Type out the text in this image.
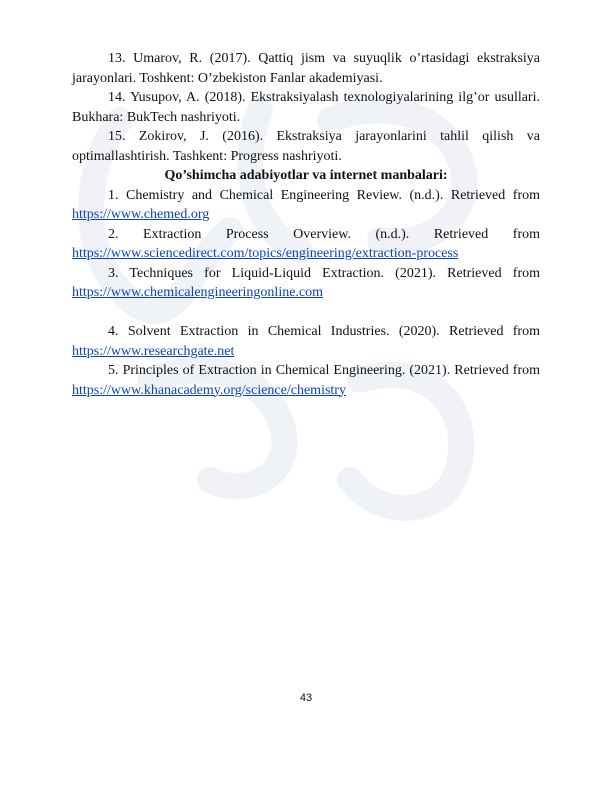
13. Umarov, R. (2017). Qattiq jism va suyuqlik o’rtasidagi ekstraksiya
jarayonlari. Toshkent: O’zbekiston Fanlar akademiyasi.
14. Yusupov, A. (2018). Ekstraksiyalash texnologiyalarining ilg’or usullari.
Bukhara: BukTech nashriyoti.
15. Zokirov, J. (2016). Ekstraksiya jarayonlarini tahlil qilish va
optimallashtirish. Tashkent: Progress nashriyoti.

Qo’shimcha adabiyotlar va internet manbalari:

1. Chemistry and Chemical Engineering Review. (n.d.). Retrieved from
https://www.chemed.org
2. Extraction Process Overview. (n.d.). Retrieved from
https://www.sciencedirect.com/topics/engineering/extraction-process
3. Techniques for Liquid-Liquid Extraction. (2021). Retrieved from
https://www.chemicalengineeringonline.com
4. Solvent Extraction in Chemical Industries. (2020). Retrieved from
https://www.researchgate.net
5. Principles of Extraction in Chemical Engineering. (2021). Retrieved from
https://www.khanacademy.org/science/chemistry
43
